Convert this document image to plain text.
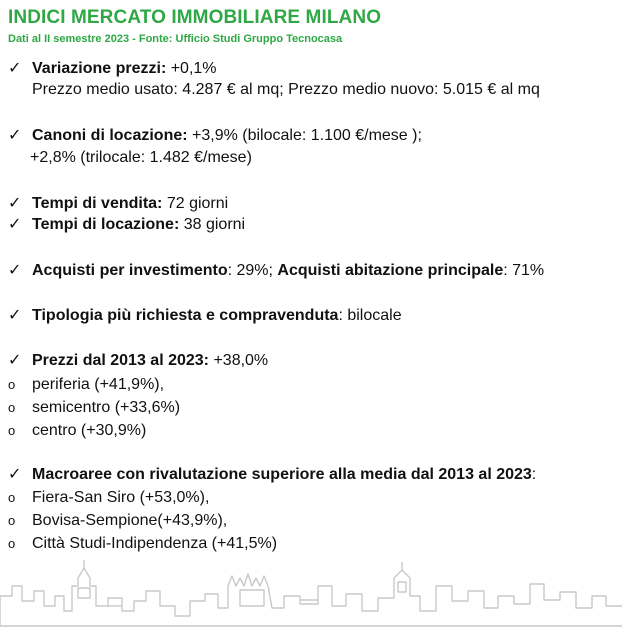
INDICI MERCATO IMMOBILIARE MILANO
Dati al II semestre 2023 - Fonte: Ufficio Studi Gruppo Tecnocasa
✓ Variazione prezzi: +0,1%
Prezzo medio usato: 4.287 € al mq; Prezzo medio nuovo: 5.015 € al mq
✓ Canoni di locazione: +3,9% (bilocale: 1.100 €/mese );
+2,8% (trilocale: 1.482 €/mese)
✓ Tempi di vendita: 72 giorni
✓ Tempi di locazione: 38 giorni
✓ Acquisti per investimento: 29%; Acquisti abitazione principale: 71%
✓ Tipologia più richiesta e compravenduta: bilocale
✓ Prezzi dal 2013 al 2023: +38,0%
o periferia (+41,9%),
o semicentro (+33,6%)
o centro (+30,9%)
✓ Macroaree con rivalutazione superiore alla media dal 2013 al 2023:
o Fiera-San Siro (+53,0%),
o Bovisa-Sempione(+43,9%),
o Città Studi-Indipendenza (+41,5%)
